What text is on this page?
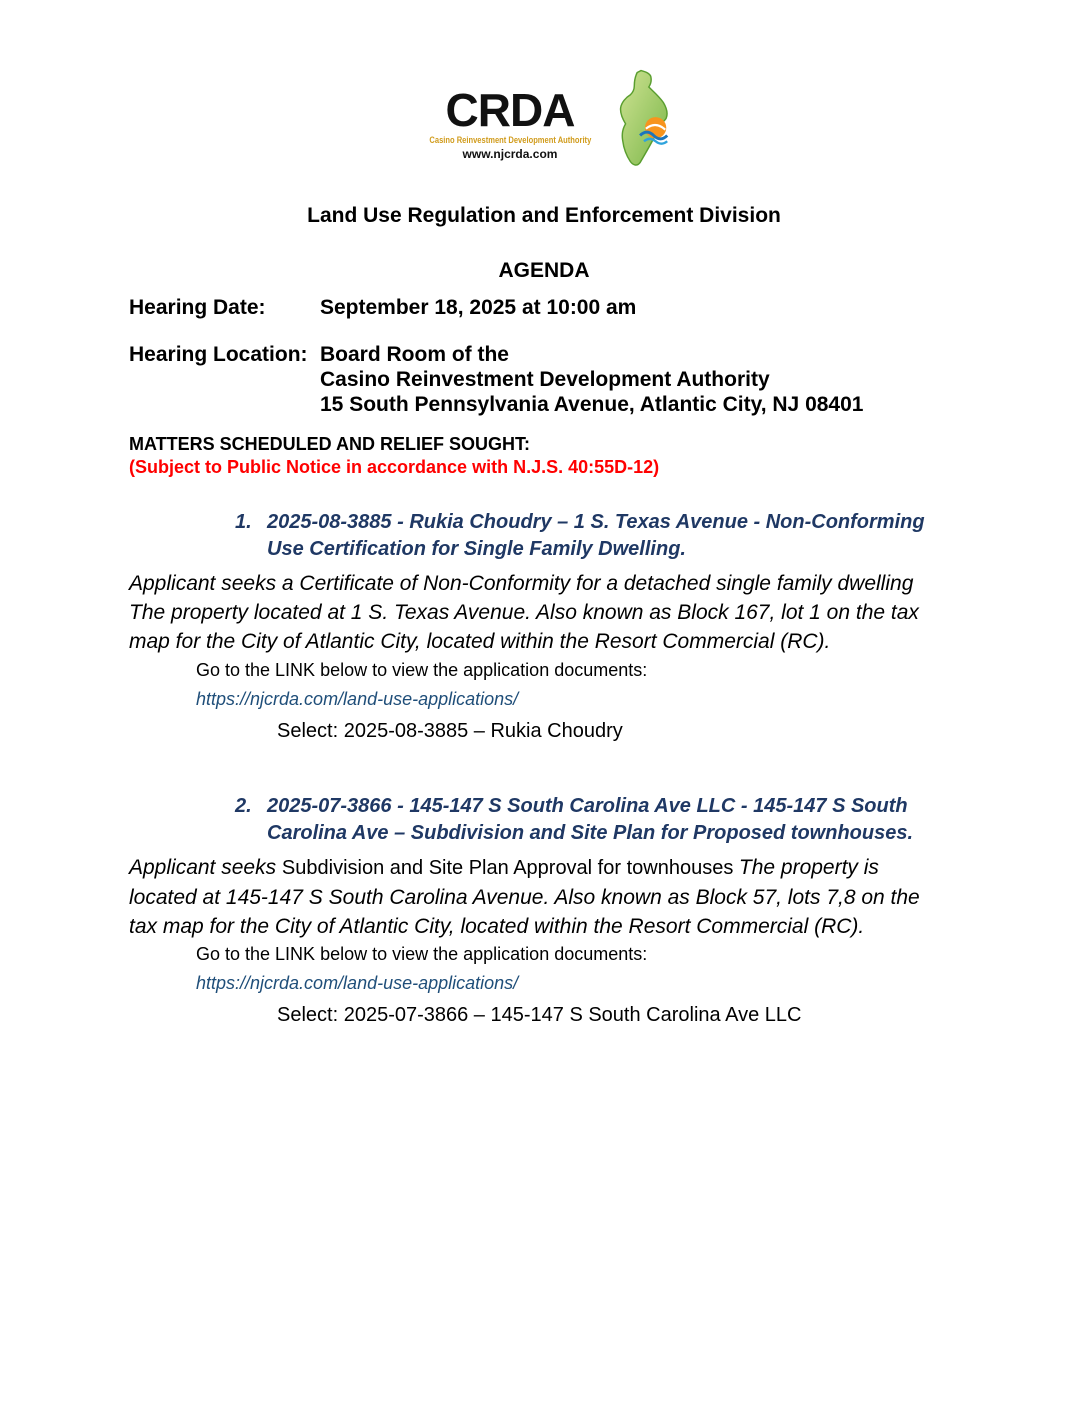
CRDA
Casino Reinvestment Development Authority
www.njcrda.com
Land Use Regulation and Enforcement Division
AGENDA
Hearing Date:	September 18, 2025 at 10:00 am
Hearing Location: Board Room of the
Casino Reinvestment Development Authority
15 South Pennsylvania Avenue, Atlantic City, NJ 08401
MATTERS SCHEDULED AND RELIEF SOUGHT:
(Subject to Public Notice in accordance with N.J.S. 40:55D-12)
1. 2025-08-3885 - Rukia Choudry – 1 S. Texas Avenue - Non-Conforming Use Certification for Single Family Dwelling.
Applicant seeks a Certificate of Non-Conformity for a detached single family dwelling The property located at 1 S. Texas Avenue. Also known as Block 167, lot 1 on the tax map for the City of Atlantic City, located within the Resort Commercial (RC).
Go to the LINK below to view the application documents:
https://njcrda.com/land-use-applications/
Select: 2025-08-3885 – Rukia Choudry
2. 2025-07-3866 - 145-147 S South Carolina Ave LLC - 145-147 S South Carolina Ave – Subdivision and Site Plan for Proposed townhouses.
Applicant seeks Subdivision and Site Plan Approval for townhouses The property is located at 145-147 S South Carolina Avenue. Also known as Block 57, lots 7,8 on the tax map for the City of Atlantic City, located within the Resort Commercial (RC).
Go to the LINK below to view the application documents:
https://njcrda.com/land-use-applications/
Select: 2025-07-3866 – 145-147 S South Carolina Ave LLC
